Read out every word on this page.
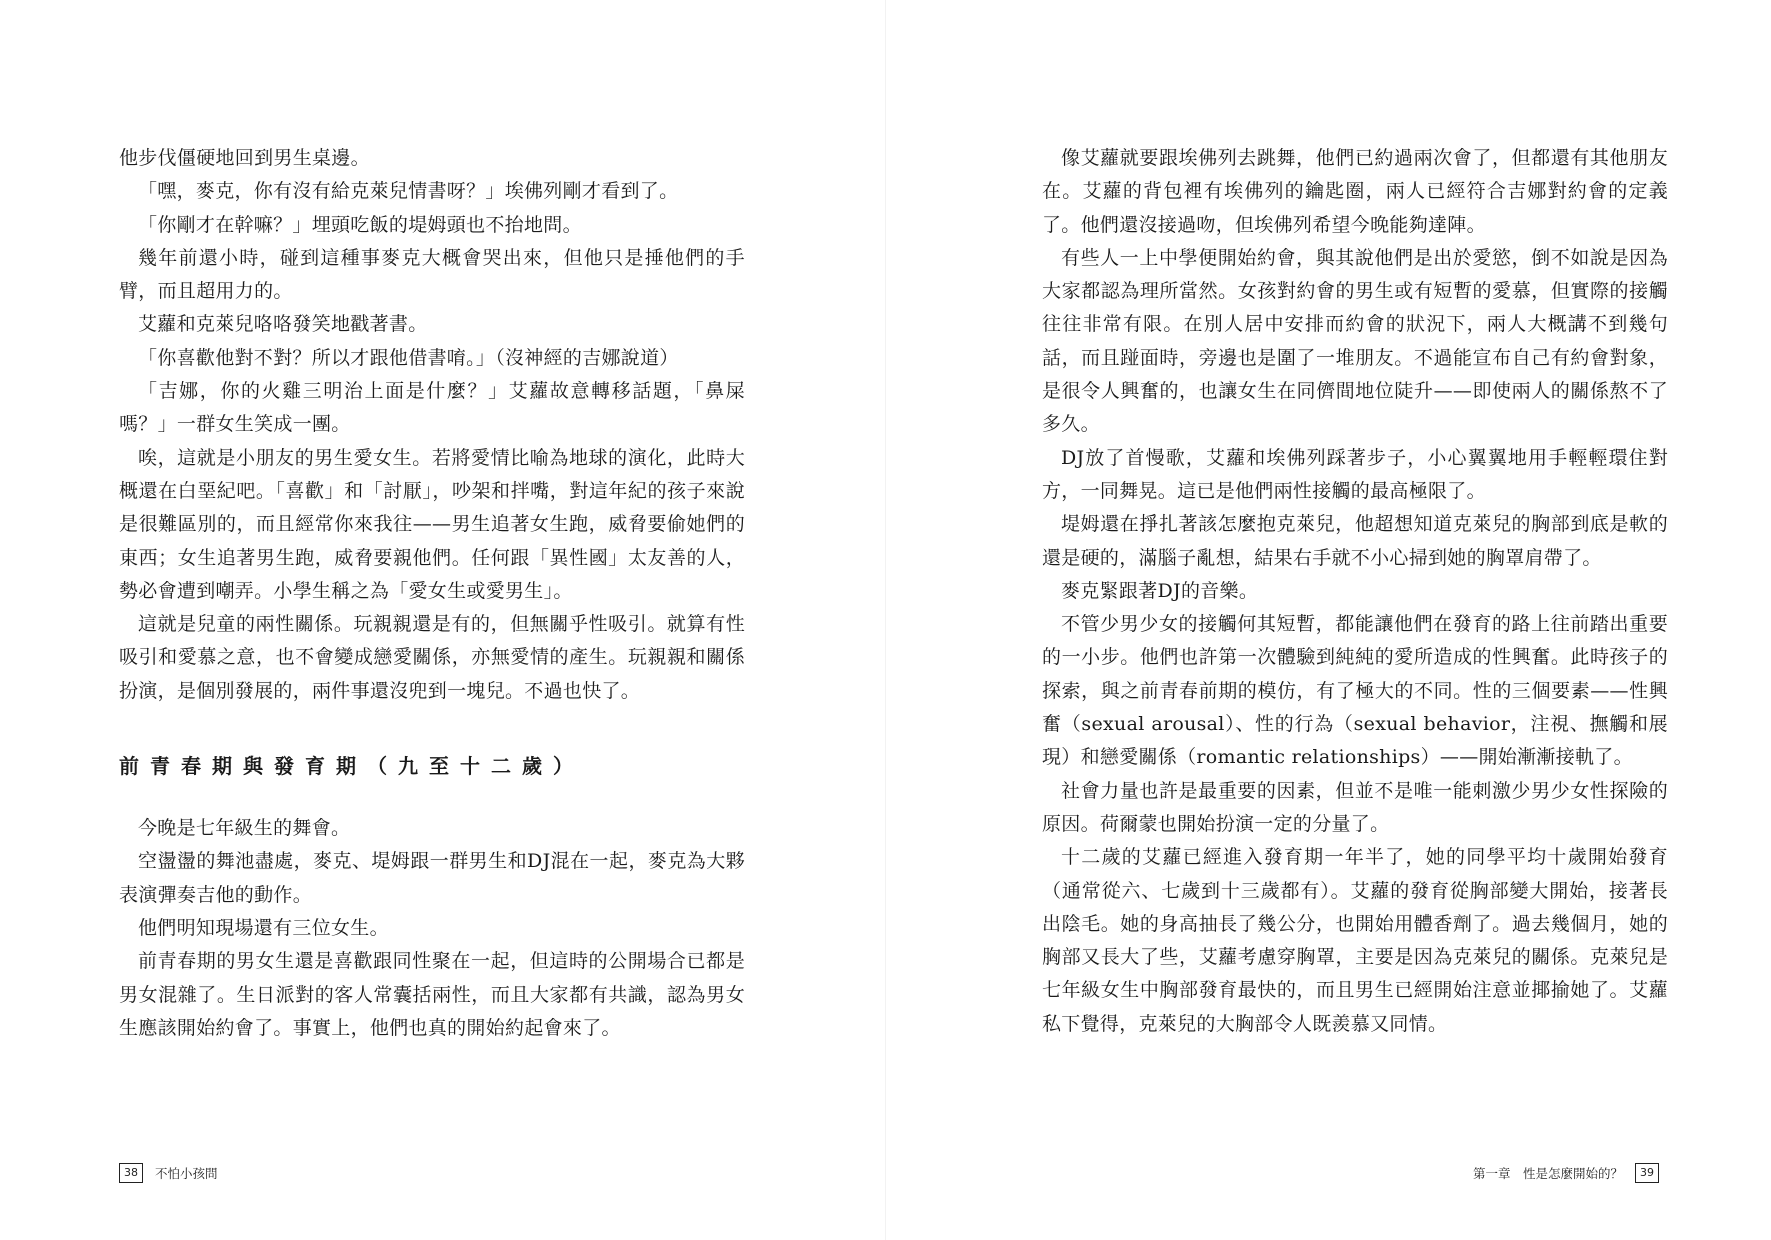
他步伐僵硬地回到男生桌邊。

「嘿，麥克，你有沒有給克萊兒情書呀？」埃佛列剛才看到了。

「你剛才在幹嘛？」埋頭吃飯的堤姆頭也不抬地問。

幾年前還小時，碰到這種事麥克大概會哭出來，但他只是捶他們的手臂，而且超用力的。

艾蘿和克萊兒咯咯發笑地戳著書。

「你喜歡他對不對？所以才跟他借書唷。」（沒神經的吉娜說道）

「吉娜，你的火雞三明治上面是什麼？」艾蘿故意轉移話題，「鼻屎嗎？」一群女生笑成一團。

唉，這就是小朋友的男生愛女生。若將愛情比喻為地球的演化，此時大概還在白堊紀吧。「喜歡」和「討厭」，吵架和拌嘴，對這年紀的孩子來說是很難區別的，而且經常你來我往——男生追著女生跑，威脅要偷她們的東西；女生追著男生跑，威脅要親他們。任何跟「異性國」太友善的人，勢必會遭到嘲弄。小學生稱之為「愛女生或愛男生」。

這就是兒童的兩性關係。玩親親還是有的，但無關乎性吸引。就算有性吸引和愛慕之意，也不會變成戀愛關係，亦無愛情的產生。玩親親和關係扮演，是個別發展的，兩件事還沒兜到一塊兒。不過也快了。

前青春期與發育期（九至十二歲）

今晚是七年級生的舞會。

空盪盪的舞池盡處，麥克、堤姆跟一群男生和DJ混在一起，麥克為大夥表演彈奏吉他的動作。

他們明知現場還有三位女生。

前青春期的男女生還是喜歡跟同性聚在一起，但這時的公開場合已都是男女混雜了。生日派對的客人常囊括兩性，而且大家都有共識，認為男女生應該開始約會了。事實上，他們也真的開始約起會來了。

38	不怕小孩問

像艾蘿就要跟埃佛列去跳舞，他們已約過兩次會了，但都還有其他朋友在。艾蘿的背包裡有埃佛列的鑰匙圈，兩人已經符合吉娜對約會的定義了。他們還沒接過吻，但埃佛列希望今晚能夠達陣。

有些人一上中學便開始約會，與其說他們是出於愛慾，倒不如說是因為大家都認為理所當然。女孩對約會的男生或有短暫的愛慕，但實際的接觸往往非常有限。在別人居中安排而約會的狀況下，兩人大概講不到幾句話，而且踫面時，旁邊也是圍了一堆朋友。不過能宣布自己有約會對象，是很令人興奮的，也讓女生在同儕間地位陡升——即使兩人的關係熬不了多久。

DJ放了首慢歌，艾蘿和埃佛列踩著步子，小心翼翼地用手輕輕環住對方，一同舞晃。這已是他們兩性接觸的最高極限了。

堤姆還在掙扎著該怎麼抱克萊兒，他超想知道克萊兒的胸部到底是軟的還是硬的，滿腦子亂想，結果右手就不小心掃到她的胸罩肩帶了。

麥克緊跟著DJ的音樂。

不管少男少女的接觸何其短暫，都能讓他們在發育的路上往前踏出重要的一小步。他們也許第一次體驗到純純的愛所造成的性興奮。此時孩子的探索，與之前青春前期的模仿，有了極大的不同。性的三個要素——性興奮（sexual arousal）、性的行為（sexual behavior，注視、撫觸和展現）和戀愛關係（romantic relationships）——開始漸漸接軌了。

社會力量也許是最重要的因素，但並不是唯一能刺激少男少女性探險的原因。荷爾蒙也開始扮演一定的分量了。

十二歲的艾蘿已經進入發育期一年半了，她的同學平均十歲開始發育（通常從六、七歲到十三歲都有）。艾蘿的發育從胸部變大開始，接著長出陰毛。她的身高抽長了幾公分，也開始用體香劑了。過去幾個月，她的胸部又長大了些，艾蘿考慮穿胸罩，主要是因為克萊兒的關係。克萊兒是七年級女生中胸部發育最快的，而且男生已經開始注意並揶揄她了。艾蘿私下覺得，克萊兒的大胸部令人既羨慕又同情。

第一章　性是怎麼開始的？	39
